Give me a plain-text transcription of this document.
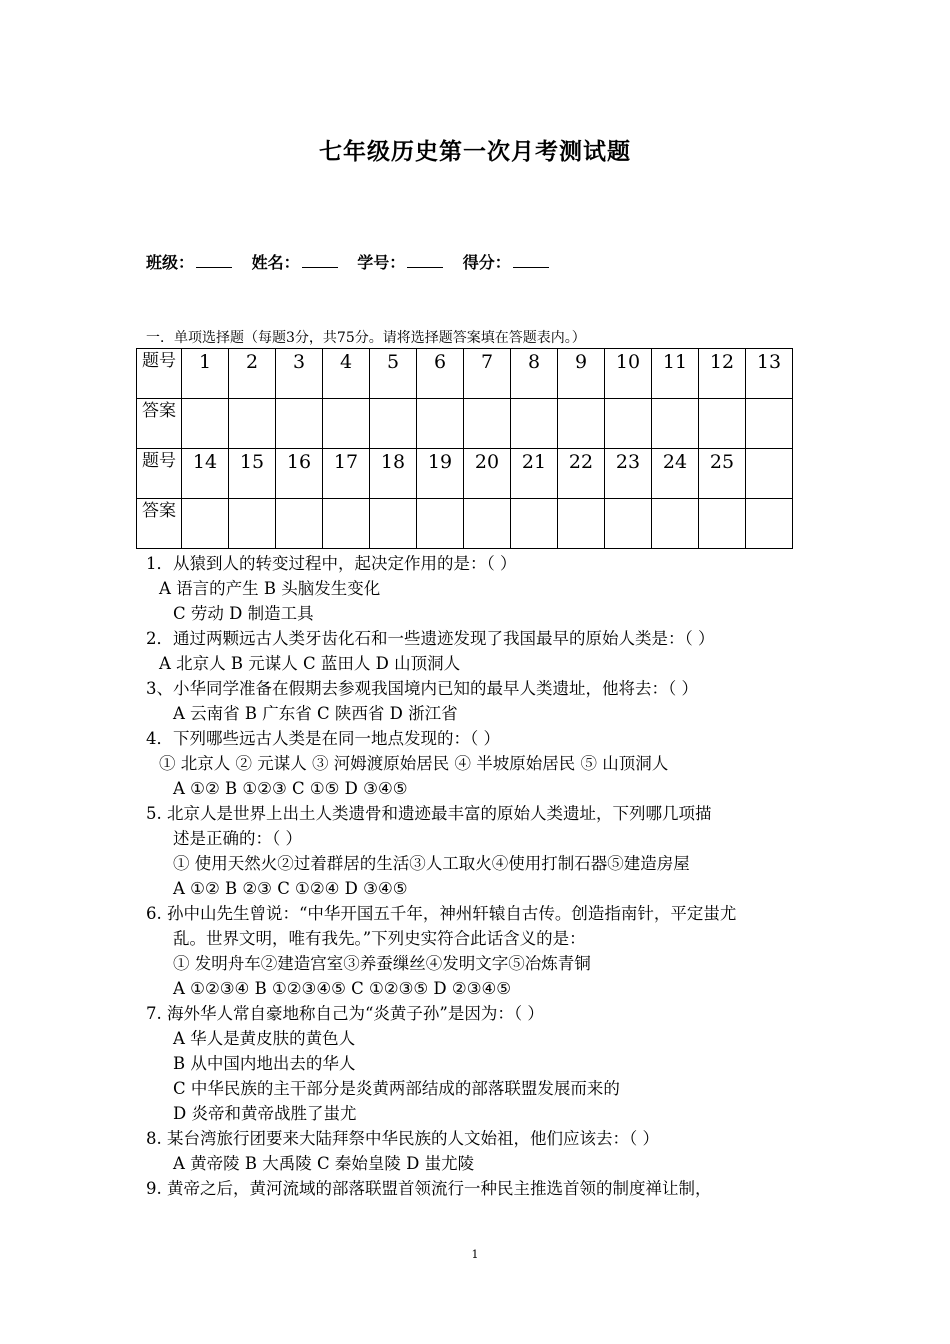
七年级历史第一次月考测试题
班级：	姓名：	学号：	得分：
一．单项选择题（每题3分，共75分。请将选择题答案填在答题表内。）
题号	1	2	3	4	5	6	7	8	9	10	11	12	13
答案													
题号	14	15	16	17	18	19	20	21	22	23	24	25	
答案													
1．从猿到人的转变过程中，起决定作用的是：（ ）
A 语言的产生 B 头脑发生变化
C 劳动 D 制造工具
2．通过两颗远古人类牙齿化石和一些遗迹发现了我国最早的原始人类是：（ ）
A 北京人 B 元谋人 C 蓝田人 D 山顶洞人
3、小华同学准备在假期去参观我国境内已知的最早人类遗址，他将去：（ ）
A 云南省 B 广东省 C 陕西省 D 浙江省
4．下列哪些远古人类是在同一地点发现的：（ ）
① 北京人 ② 元谋人 ③ 河姆渡原始居民 ④ 半坡原始居民 ⑤ 山顶洞人
A ①② B ①②③ C ①⑤ D ③④⑤
5. 北京人是世界上出土人类遗骨和遗迹最丰富的原始人类遗址，下列哪几项描
述是正确的：（ ）
① 使用天然火②过着群居的生活③人工取火④使用打制石器⑤建造房屋
A ①② B ②③ C ①②④ D ③④⑤
6. 孙中山先生曾说：“中华开国五千年，神州轩辕自古传。创造指南针，平定蚩尤
乱。世界文明，唯有我先。”下列史实符合此话含义的是：
① 发明舟车②建造宫室③养蚕缫丝④发明文字⑤冶炼青铜
A ①②③④ B ①②③④⑤ C ①②③⑤ D ②③④⑤
7. 海外华人常自豪地称自己为“炎黄子孙”是因为：（ ）
A 华人是黄皮肤的黄色人
B 从中国内地出去的华人
C 中华民族的主干部分是炎黄两部结成的部落联盟发展而来的
D 炎帝和黄帝战胜了蚩尤
8. 某台湾旅行团要来大陆拜祭中华民族的人文始祖，他们应该去：（ ）
A 黄帝陵 B 大禹陵 C 秦始皇陵 D 蚩尤陵
9. 黄帝之后，黄河流域的部落联盟首领流行一种民主推选首领的制度禅让制，
1
